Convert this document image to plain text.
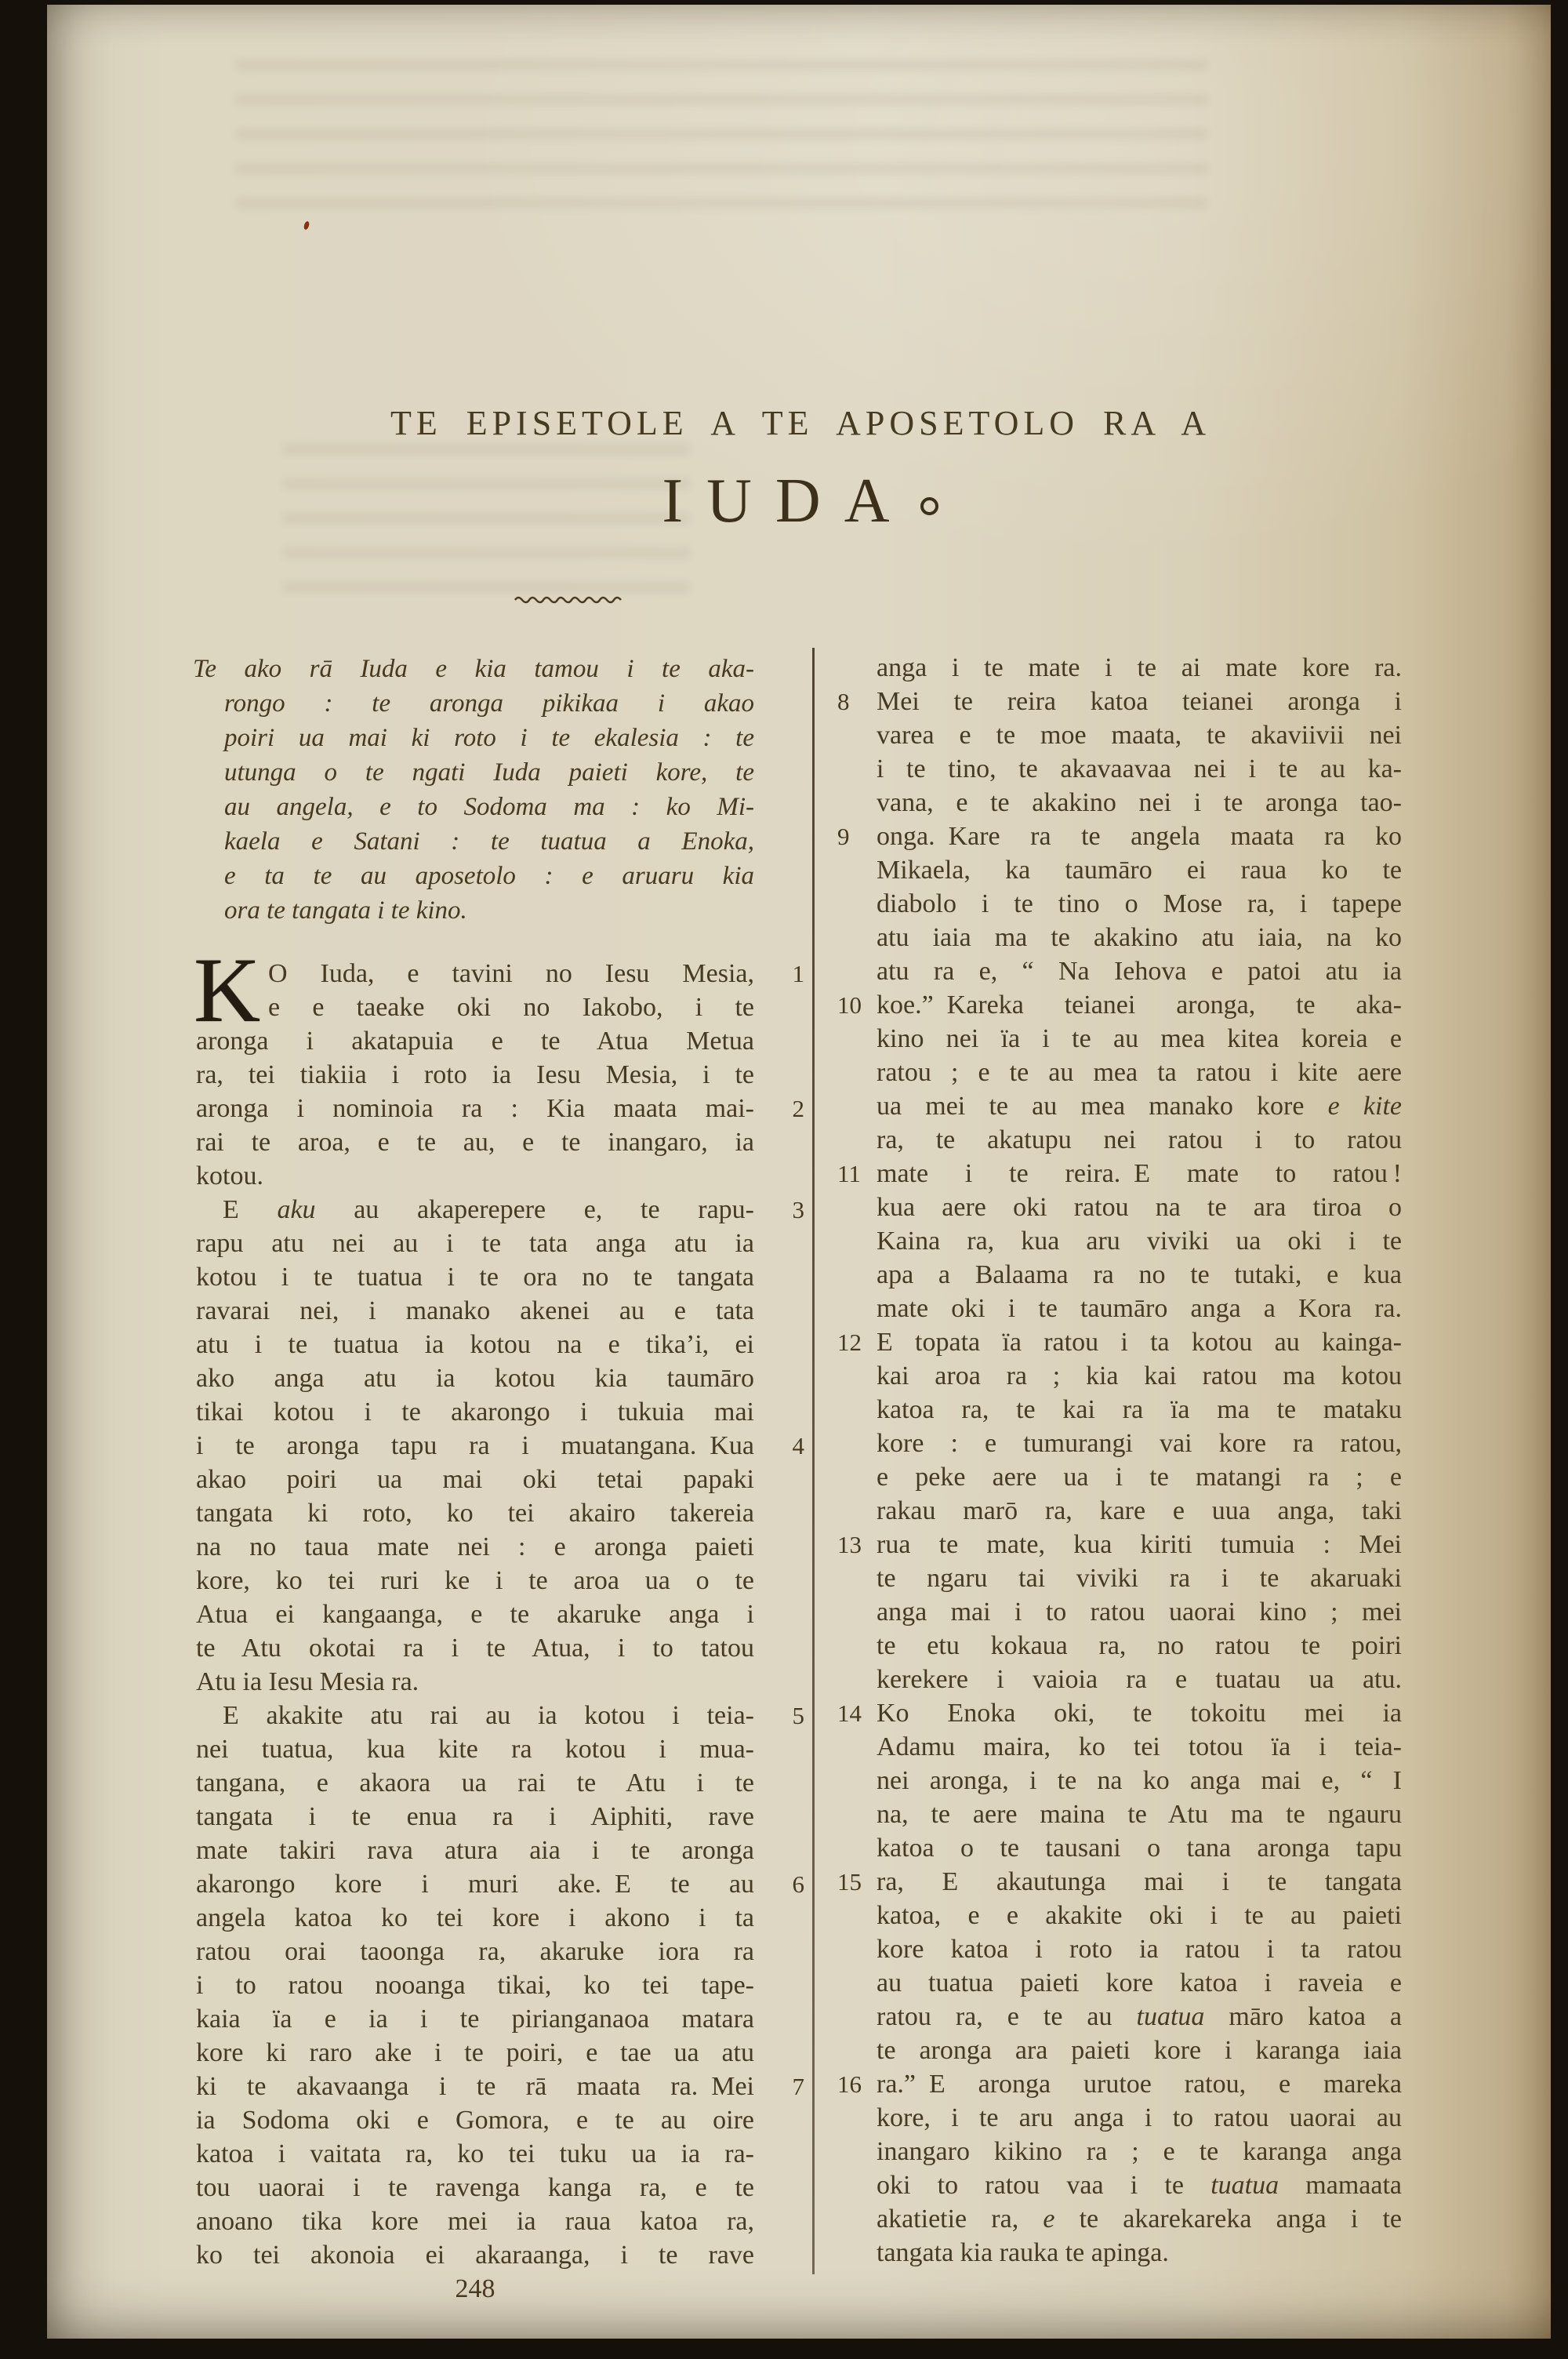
TE EPISETOLE A TE APOSETOLO RA A
IUDA
Te ako rā Iuda e kia tamou i te aka-
rongo : te aronga pikikaa i akao
poiri ua mai ki roto i te ekalesia : te
utunga o te ngati Iuda paieti kore, te
au angela, e to Sodoma ma : ko Mi-
kaela e Satani : te tuatua a Enoka,
e ta te au aposetolo : e aruaru kia
ora te tangata i te kino.
K	1
O Iuda, e tavini no Iesu Mesia,
e e taeake oki no Iakobo, i te
aronga i akatapuia e te Atua Metua
ra, tei tiakiia i roto ia Iesu Mesia, i te
2
aronga i nominoia ra : Kia maata mai-
rai te aroa, e te au, e te inangaro, ia
kotou.
3
E aku au akaperepere e, te rapu-
rapu atu nei au i te tata anga atu ia
kotou i te tuatua i te ora no te tangata
ravarai nei, i manako akenei au e tata
atu i te tuatua ia kotou na e tika’i, ei
ako anga atu ia kotou kia taumāro
tikai kotou i te akarongo i tukuia mai
4
i te aronga tapu ra i muatangana. Kua
akao poiri ua mai oki tetai papaki
tangata ki roto, ko tei akairo takereia
na no taua mate nei : e aronga paieti
kore, ko tei ruri ke i te aroa ua o te
Atua ei kangaanga, e te akaruke anga i
te Atu okotai ra i te Atua, i to tatou
Atu ia Iesu Mesia ra.
5
E akakite atu rai au ia kotou i teia-
nei tuatua, kua kite ra kotou i mua-
tangana, e akaora ua rai te Atu i te
tangata i te enua ra i Aiphiti, rave
mate takiri rava atura aia i te aronga
6
akarongo kore i muri ake. E te au
angela katoa ko tei kore i akono i ta
ratou orai taoonga ra, akaruke iora ra
i to ratou nooanga tikai, ko tei tape-
kaia ïa e ia i te pirianganaoa matara
kore ki raro ake i te poiri, e tae ua atu
7
ki te akavaanga i te rā maata ra. Mei
ia Sodoma oki e Gomora, e te au oire
katoa i vaitata ra, ko tei tuku ua ia ra-
tou uaorai i te ravenga kanga ra, e te
anoano tika kore mei ia raua katoa ra,
ko tei akonoia ei akaraanga, i te rave
anga i te mate i te ai mate kore ra.
8 Mei te reira katoa teianei aronga i
varea e te moe maata, te akaviivii nei
i te tino, te akavaavaa nei i te au ka-
vana, e te akakino nei i te aronga tao-
9 onga. Kare ra te angela maata ra ko
Mikaela, ka taumāro ei raua ko te
diabolo i te tino o Mose ra, i tapepe
atu iaia ma te akakino atu iaia, na ko
atu ra e, “ Na Iehova e patoi atu ia
10 koe.” Kareka teianei aronga, te aka-
kino nei ïa i te au mea kitea koreia e
ratou ; e te au mea ta ratou i kite aere
ua mei te au mea manako kore e kite
ra, te akatupu nei ratou i to ratou
11 mate i te reira. E mate to ratou !
kua aere oki ratou na te ara tiroa o
Kaina ra, kua aru viviki ua oki i te
apa a Balaama ra no te tutaki, e kua
mate oki i te taumāro anga a Kora ra.
12 E topata ïa ratou i ta kotou au kainga-
kai aroa ra ; kia kai ratou ma kotou
katoa ra, te kai ra ïa ma te mataku
kore : e tumurangi vai kore ra ratou,
e peke aere ua i te matangi ra ; e
rakau marō ra, kare e uua anga, taki
13 rua te mate, kua kiriti tumuia : Mei
te ngaru tai viviki ra i te akaruaki
anga mai i to ratou uaorai kino ; mei
te etu kokaua ra, no ratou te poiri
kerekere i vaioia ra e tuatau ua atu.
14 Ko Enoka oki, te tokoitu mei ia
Adamu maira, ko tei totou ïa i teia-
nei aronga, i te na ko anga mai e, “ I
na, te aere maina te Atu ma te ngauru
katoa o te tausani o tana aronga tapu
15 ra, E akautunga mai i te tangata
katoa, e e akakite oki i te au paieti
kore katoa i roto ia ratou i ta ratou
au tuatua paieti kore katoa i raveia e
ratou ra, e te au tuatua māro katoa a
te aronga ara paieti kore i karanga iaia
16 ra.” E aronga urutoe ratou, e mareka
kore, i te aru anga i to ratou uaorai au
inangaro kikino ra ; e te karanga anga
oki to ratou vaa i te tuatua mamaata
akatietie ra, e te akarekareka anga i te
tangata kia rauka te apinga.
248
